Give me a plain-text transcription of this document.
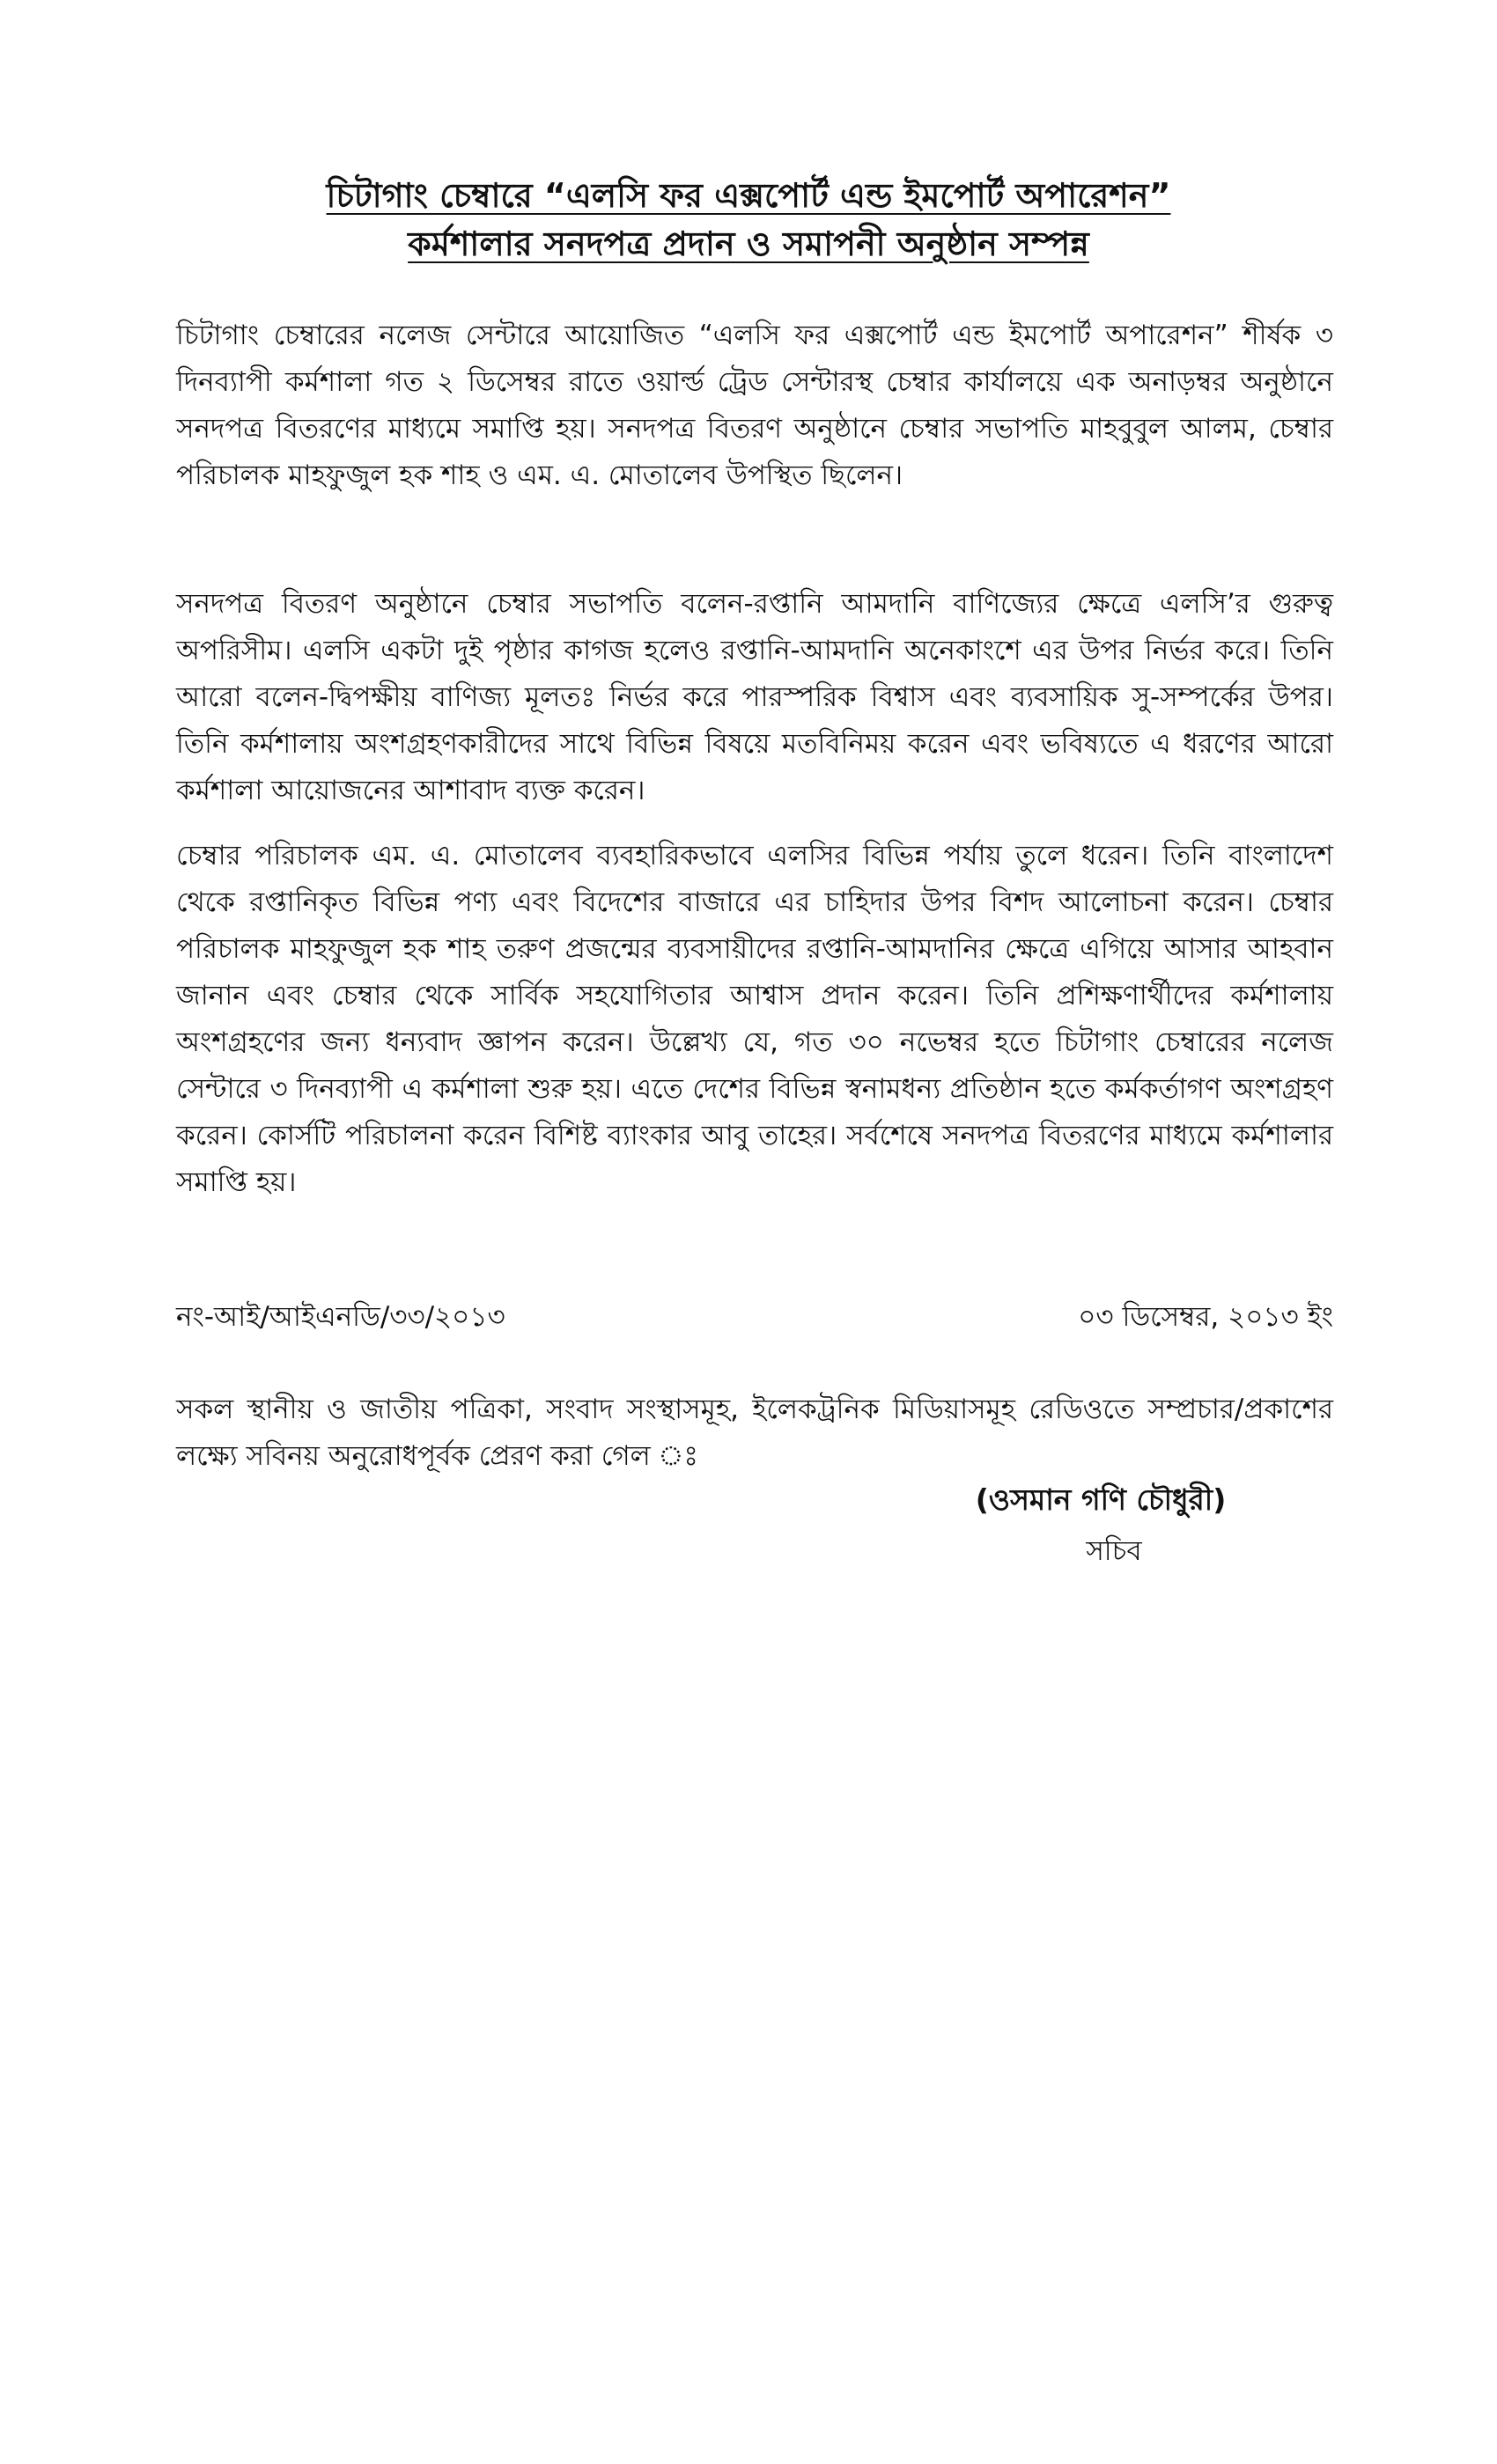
চিটাগাং চেম্বারে “এলসি ফর এক্সপোর্ট এন্ড ইমপোর্ট অপারেশন”
কর্মশালার সনদপত্র প্রদান ও সমাপনী অনুষ্ঠান সম্পন্ন

চিটাগাং চেম্বারের নলেজ সেন্টারে আয়োজিত “এলসি ফর এক্সপোর্ট এন্ড ইমপোর্ট অপারেশন” শীর্ষক ৩ দিনব্যাপী কর্মশালা গত ২ ডিসেম্বর রাতে ওয়ার্ল্ড ট্রেড সেন্টারস্থ চেম্বার কার্যালয়ে এক অনাড়ম্বর অনুষ্ঠানে সনদপত্র বিতরণের মাধ্যমে সমাপ্তি হয়। সনদপত্র বিতরণ অনুষ্ঠানে চেম্বার সভাপতি মাহবুবুল আলম, চেম্বার পরিচালক মাহফুজুল হক শাহ ও এম. এ. মোতালেব উপস্থিত ছিলেন।

সনদপত্র বিতরণ অনুষ্ঠানে চেম্বার সভাপতি বলেন-রপ্তানি আমদানি বাণিজ্যের ক্ষেত্রে এলসি’র গুরুত্ব অপরিসীম। এলসি একটা দুই পৃষ্ঠার কাগজ হলেও রপ্তানি-আমদানি অনেকাংশে এর উপর নির্ভর করে। তিনি আরো বলেন-দ্বিপক্ষীয় বাণিজ্য মূলতঃ নির্ভর করে পারস্পরিক বিশ্বাস এবং ব্যবসায়িক সু-সম্পর্কের উপর। তিনি কর্মশালায় অংশগ্রহণকারীদের সাথে বিভিন্ন বিষয়ে মতবিনিময় করেন এবং ভবিষ্যতে এ ধরণের আরো কর্মশালা আয়োজনের আশাবাদ ব্যক্ত করেন।

চেম্বার পরিচালক এম. এ. মোতালেব ব্যবহারিকভাবে এলসির বিভিন্ন পর্যায় তুলে ধরেন। তিনি বাংলাদেশ থেকে রপ্তানিকৃত বিভিন্ন পণ্য এবং বিদেশের বাজারে এর চাহিদার উপর বিশদ আলোচনা করেন। চেম্বার পরিচালক মাহফুজুল হক শাহ তরুণ প্রজন্মের ব্যবসায়ীদের রপ্তানি-আমদানির ক্ষেত্রে এগিয়ে আসার আহবান জানান এবং চেম্বার থেকে সার্বিক সহযোগিতার আশ্বাস প্রদান করেন। তিনি প্রশিক্ষণার্থীদের কর্মশালায় অংশগ্রহণের জন্য ধন্যবাদ জ্ঞাপন করেন। উল্লেখ্য যে, গত ৩০ নভেম্বর হতে চিটাগাং চেম্বারের নলেজ সেন্টারে ৩ দিনব্যাপী এ কর্মশালা শুরু হয়। এতে দেশের বিভিন্ন স্বনামধন্য প্রতিষ্ঠান হতে কর্মকর্তাগণ অংশগ্রহণ করেন। কোর্সটি পরিচালনা করেন বিশিষ্ট ব্যাংকার আবু তাহের। সর্বশেষে সনদপত্র বিতরণের মাধ্যমে কর্মশালার সমাপ্তি হয়।

নং-আই/আইএনডি/৩৩/২০১৩	০৩ ডিসেম্বর, ২০১৩ ইং

সকল স্থানীয় ও জাতীয় পত্রিকা, সংবাদ সংস্থাসমূহ, ইলেকট্রনিক মিডিয়াসমূহ রেডিওতে সম্প্রচার/প্রকাশের লক্ষ্যে সবিনয় অনুরোধপূর্বক প্রেরণ করা গেল ঃ

(ওসমান গণি চৌধুরী)
সচিব
